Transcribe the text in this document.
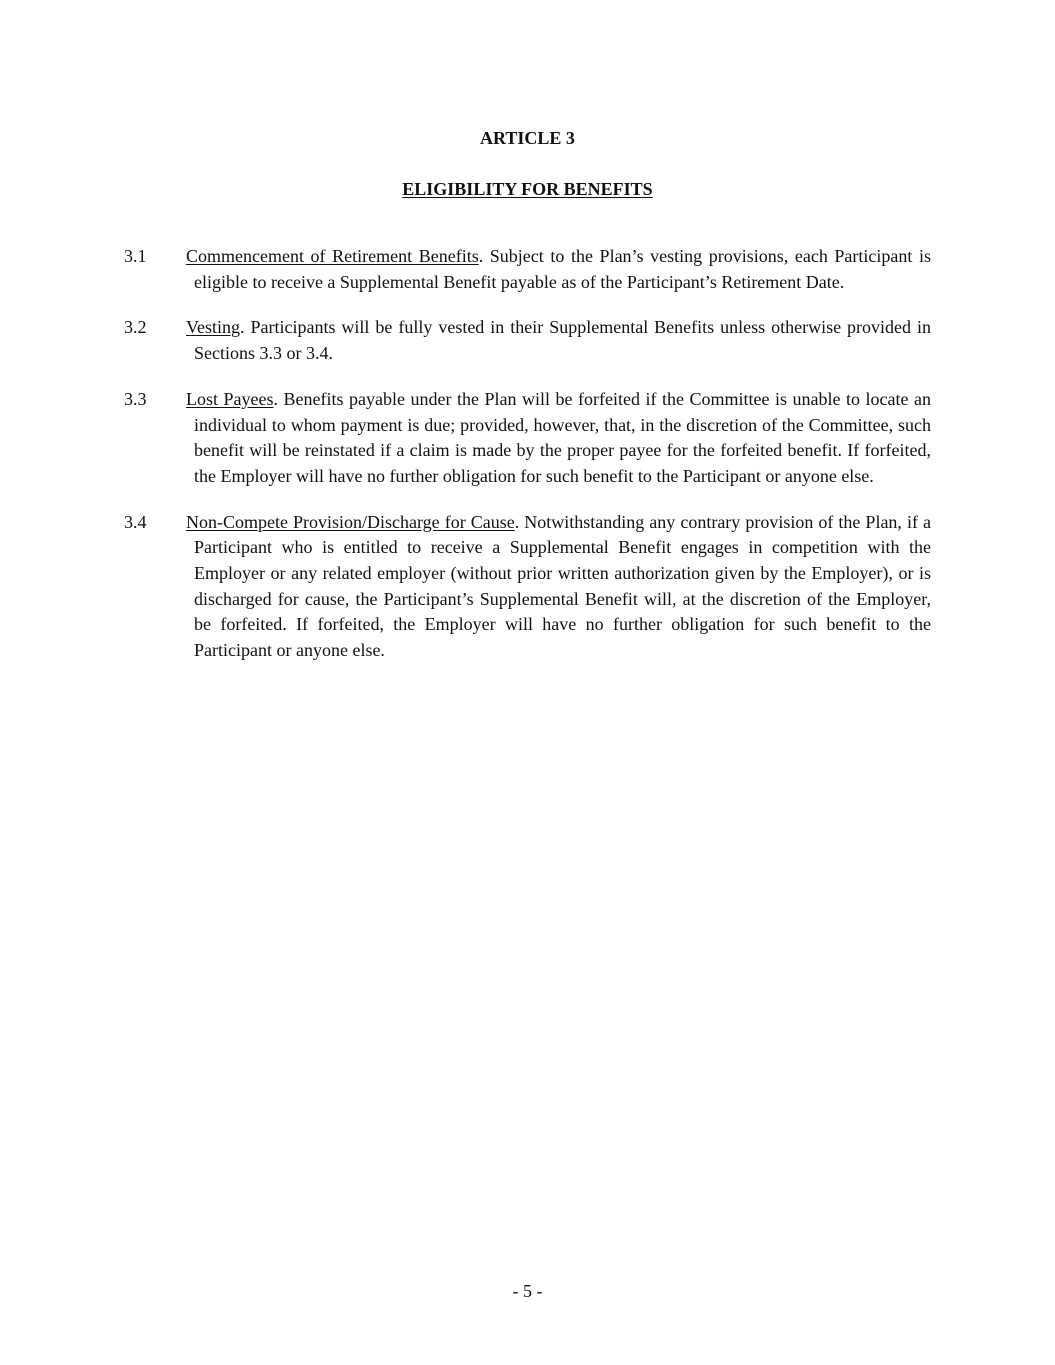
ARTICLE 3
ELIGIBILITY FOR BENEFITS
3.1 Commencement of Retirement Benefits. Subject to the Plan’s vesting provisions, each Participant is eligible to receive a Supplemental Benefit payable as of the Participant’s Retirement Date.
3.2 Vesting. Participants will be fully vested in their Supplemental Benefits unless otherwise provided in Sections 3.3 or 3.4.
3.3 Lost Payees. Benefits payable under the Plan will be forfeited if the Committee is unable to locate an individual to whom payment is due; provided, however, that, in the discretion of the Committee, such benefit will be reinstated if a claim is made by the proper payee for the forfeited benefit. If forfeited, the Employer will have no further obligation for such benefit to the Participant or anyone else.
3.4 Non-Compete Provision/Discharge for Cause. Notwithstanding any contrary provision of the Plan, if a Participant who is entitled to receive a Supplemental Benefit engages in competition with the Employer or any related employer (without prior written authorization given by the Employer), or is discharged for cause, the Participant’s Supplemental Benefit will, at the discretion of the Employer, be forfeited. If forfeited, the Employer will have no further obligation for such benefit to the Participant or anyone else.
- 5 -
